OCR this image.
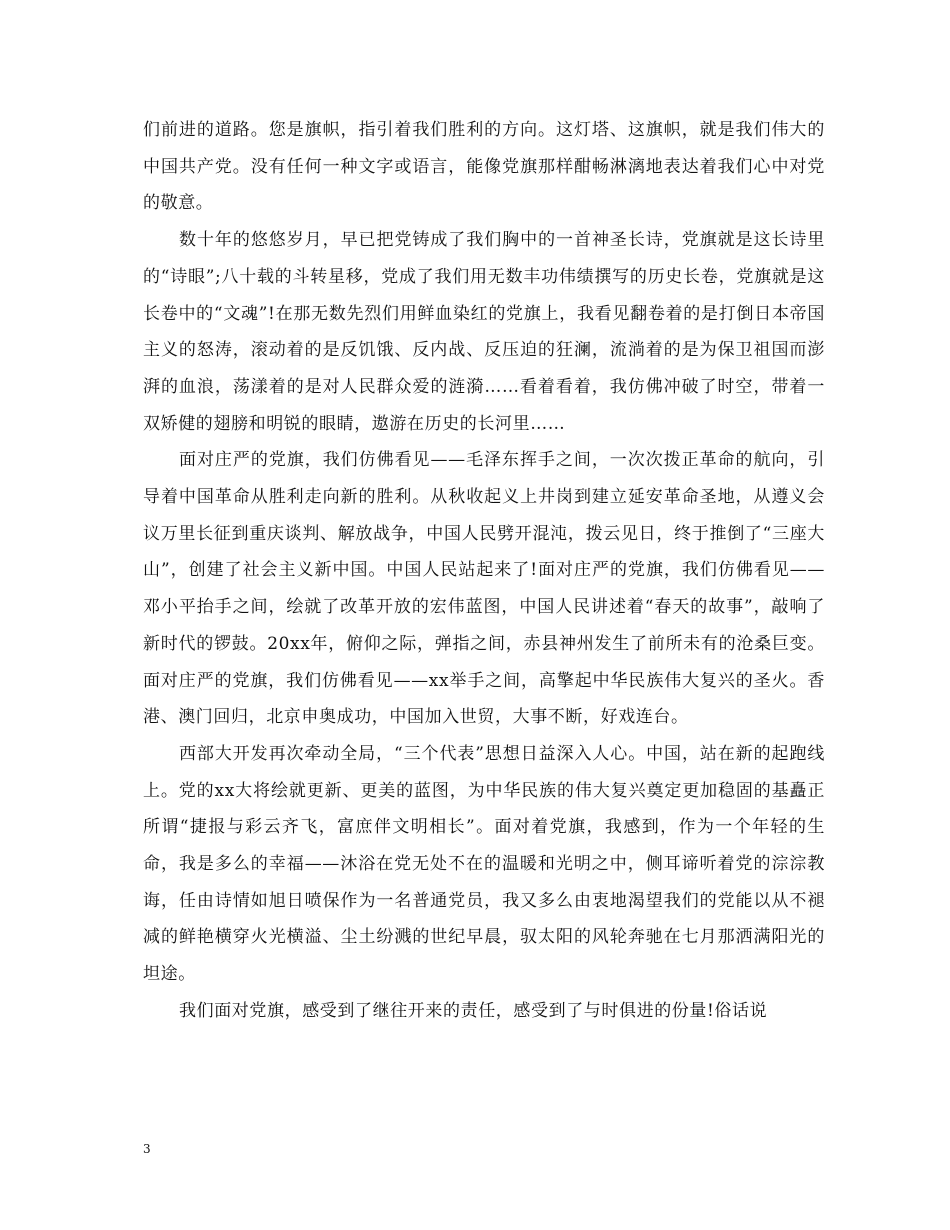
们前进的道路。您是旗帜，指引着我们胜利的方向。这灯塔、这旗帜，就是我们伟大的中国共产党。没有任何一种文字或语言，能像党旗那样酣畅淋漓地表达着我们心中对党的敬意。

数十年的悠悠岁月，早已把党铸成了我们胸中的一首神圣长诗，党旗就是这长诗里的“诗眼”;八十载的斗转星移，党成了我们用无数丰功伟绩撰写的历史长卷，党旗就是这长卷中的“文魂”!在那无数先烈们用鲜血染红的党旗上，我看见翻卷着的是打倒日本帝国主义的怒涛，滚动着的是反饥饿、反内战、反压迫的狂澜，流淌着的是为保卫祖国而澎湃的血浪，荡漾着的是对人民群众爱的涟漪……看着看着，我仿佛冲破了时空，带着一双矫健的翅膀和明锐的眼睛，遨游在历史的长河里……

面对庄严的党旗，我们仿佛看见——毛泽东挥手之间，一次次拨正革命的航向，引导着中国革命从胜利走向新的胜利。从秋收起义上井岗到建立延安革命圣地，从遵义会议万里长征到重庆谈判、解放战争，中国人民劈开混沌，拨云见日，终于推倒了“三座大山”，创建了社会主义新中国。中国人民站起来了!面对庄严的党旗，我们仿佛看见——邓小平抬手之间，绘就了改革开放的宏伟蓝图，中国人民讲述着“春天的故事”，敲响了新时代的锣鼓。20xx年，俯仰之际，弹指之间，赤县神州发生了前所未有的沧桑巨变。面对庄严的党旗，我们仿佛看见——xx举手之间，高擎起中华民族伟大复兴的圣火。香港、澳门回归，北京申奥成功，中国加入世贸，大事不断，好戏连台。

西部大开发再次牵动全局，“三个代表”思想日益深入人心。中国，站在新的起跑线上。党的xx大将绘就更新、更美的蓝图，为中华民族的伟大复兴奠定更加稳固的基矗正所谓“捷报与彩云齐飞，富庶伴文明相长”。面对着党旗，我感到，作为一个年轻的生命，我是多么的幸福——沐浴在党无处不在的温暖和光明之中，侧耳谛听着党的淙淙教诲，任由诗情如旭日喷保作为一名普通党员，我又多么由衷地渴望我们的党能以从不褪减的鲜艳横穿火光横溢、尘土纷溅的世纪早晨，驭太阳的风轮奔驰在七月那洒满阳光的坦途。

我们面对党旗，感受到了继往开来的责任，感受到了与时俱进的份量!俗话说

3
